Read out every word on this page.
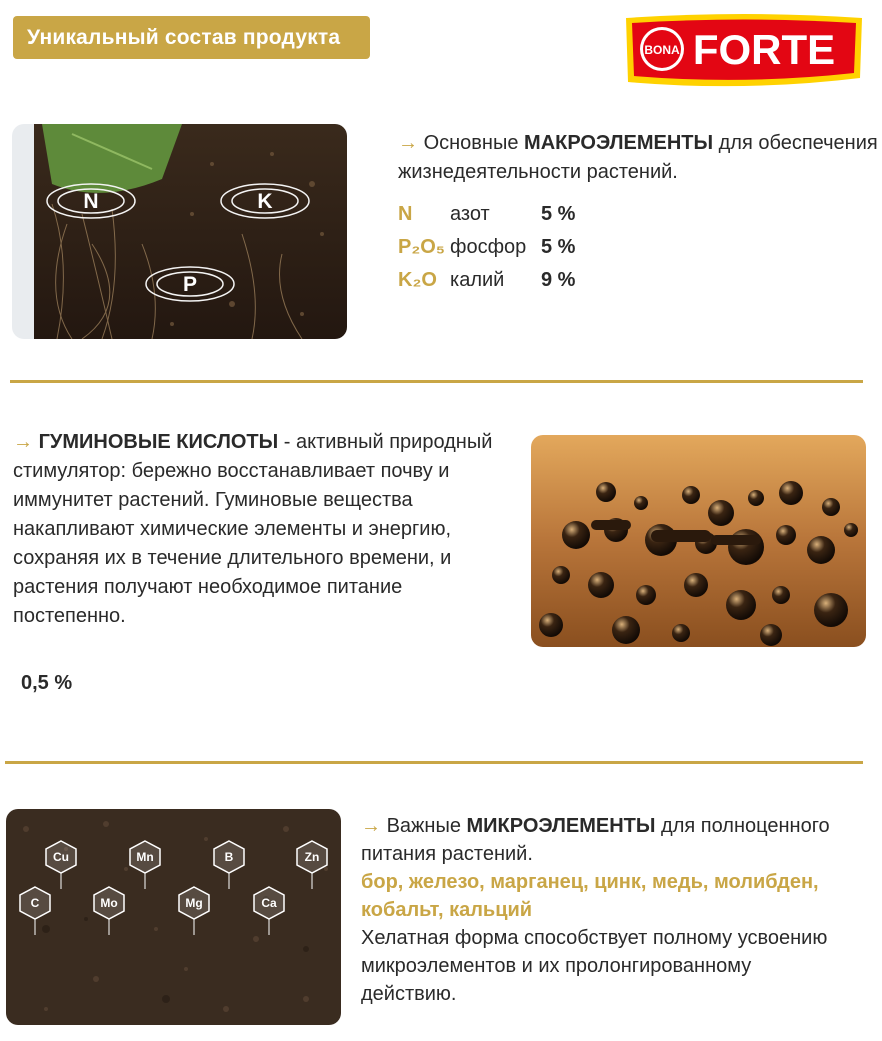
Уникальный состав продукта
BONA FORTE
N	K
P
→ Основные МАКРОЭЛЕМЕНТЫ для обеспечения
жизнедеятельности растений.
N азот	5 %
P₂O₅ фосфор 5 %
K₂O калий 9 %
→ ГУМИНОВЫЕ КИСЛОТЫ - активный природный
стимулятор: бережно восстанавливает почву и
иммунитет растений. Гуминовые вещества
накапливают химические элементы и энергию,
сохраняя их в течение длительного времени, и
растения получают необходимое питание
постепенно.
0,5 %
Cu	Mn	B	Zn
C	Mo	Mg	Ca
→ Важные МИКРОЭЛЕМЕНТЫ для полноценного
питания растений.
бор, железо, марганец, цинк, медь, молибден,
кобальт, кальций
Хелатная форма способствует полному усвоению
микроэлементов и их пролонгированному
действию.
